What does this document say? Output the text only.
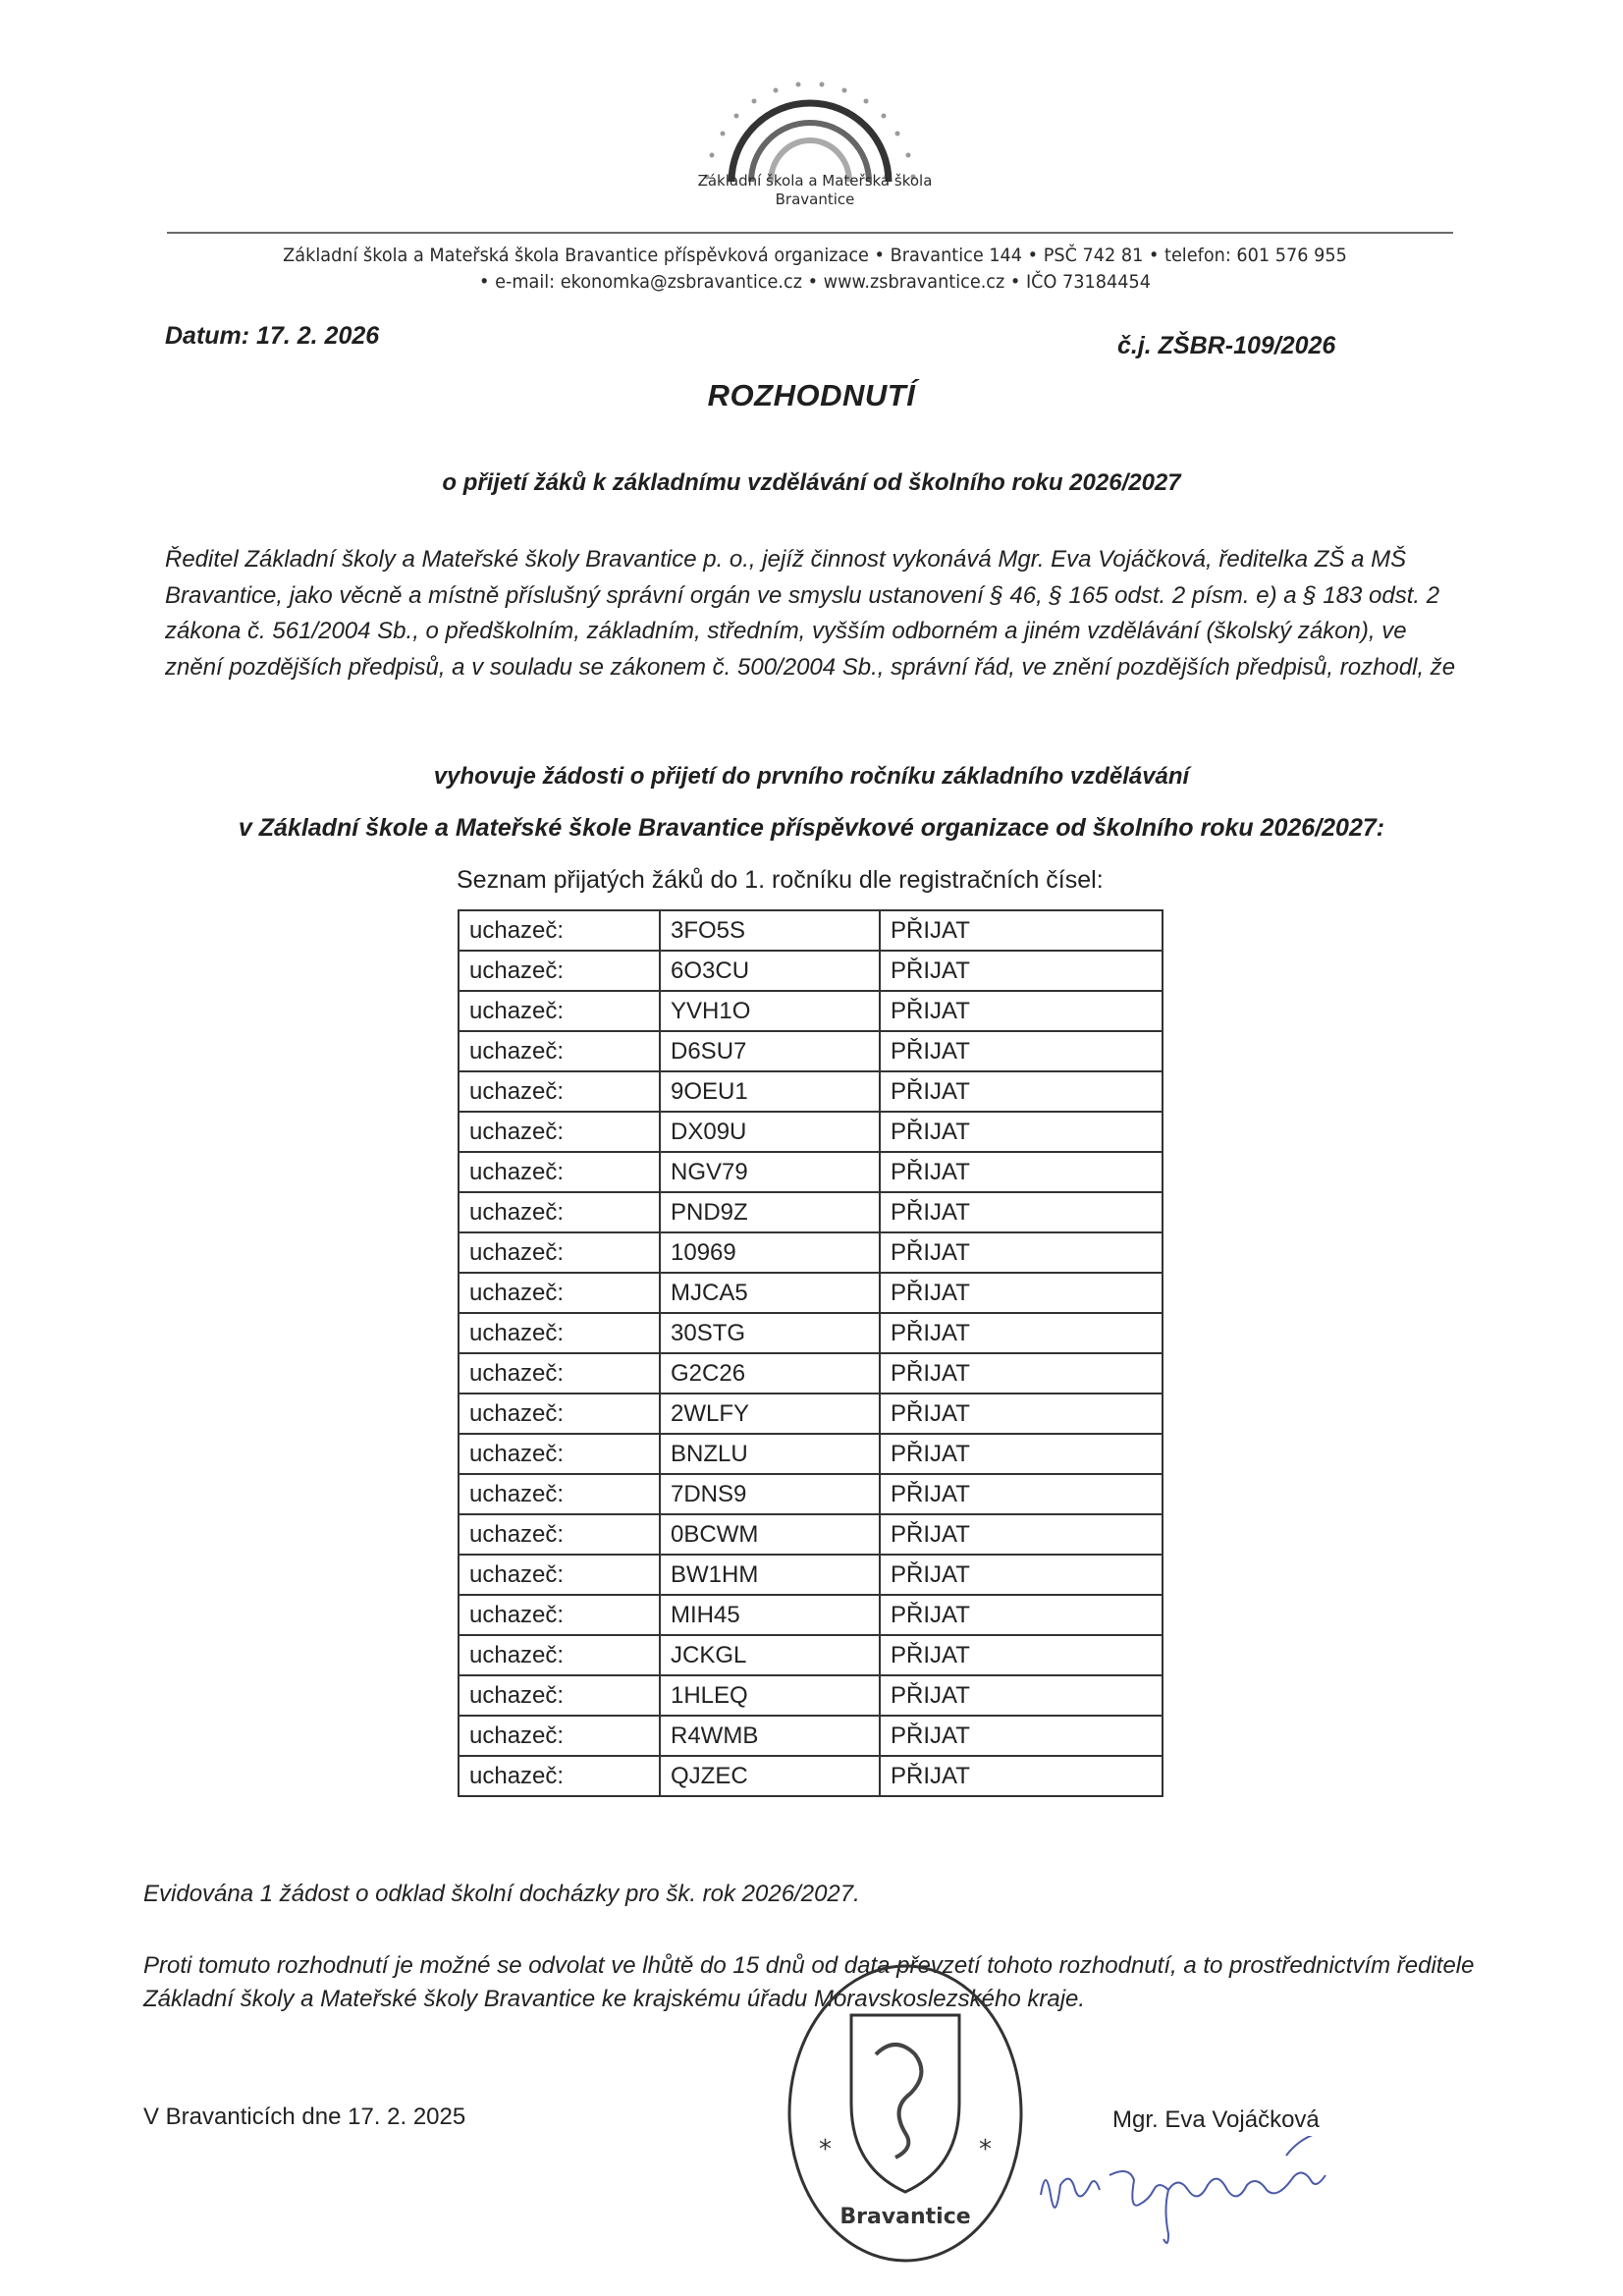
Základní škola a Mateřská škola
Bravantice
Základní škola a Mateřská škola Bravantice příspěvková organizace • Bravantice 144 • PSČ 742 81 • telefon: 601 576 955
• e-mail: ekonomka@zsbravantice.cz • www.zsbravantice.cz • IČO 73184454
Datum: 17. 2. 2026	č.j. ZŠBR-109/2026
ROZHODNUTÍ
o přijetí žáků k základnímu vzdělávání od školního roku 2026/2027
Ředitel Základní školy a Mateřské školy Bravantice p. o., jejíž činnost vykonává Mgr. Eva Vojáčková, ředitelka ZŠ a MŠ Bravantice, jako věcně a místně příslušný správní orgán ve smyslu ustanovení § 46, § 165 odst. 2 písm. e) a § 183 odst. 2 zákona č. 561/2004 Sb., o předškolním, základním, středním, vyšším odborném a jiném vzdělávání (školský zákon), ve znění pozdějších předpisů, a v souladu se zákonem č. 500/2004 Sb., správní řád, ve znění pozdějších předpisů, rozhodl, že
vyhovuje žádosti o přijetí do prvního ročníku základního vzdělávání
v Základní škole a Mateřské škole Bravantice příspěvkové organizace od školního roku 2026/2027:
Seznam přijatých žáků do 1. ročníku dle registračních čísel:
uchazeč:	3FO5S	PŘIJAT
uchazeč:	6O3CU	PŘIJAT
uchazeč:	YVH1O	PŘIJAT
uchazeč:	D6SU7	PŘIJAT
uchazeč:	9OEU1	PŘIJAT
uchazeč:	DX09U	PŘIJAT
uchazeč:	NGV79	PŘIJAT
uchazeč:	PND9Z	PŘIJAT
uchazeč:	10969	PŘIJAT
uchazeč:	MJCA5	PŘIJAT
uchazeč:	30STG	PŘIJAT
uchazeč:	G2C26	PŘIJAT
uchazeč:	2WLFY	PŘIJAT
uchazeč:	BNZLU	PŘIJAT
uchazeč:	7DNS9	PŘIJAT
uchazeč:	0BCWM	PŘIJAT
uchazeč:	BW1HM	PŘIJAT
uchazeč:	MIH45	PŘIJAT
uchazeč:	JCKGL	PŘIJAT
uchazeč:	1HLEQ	PŘIJAT
uchazeč:	R4WMB	PŘIJAT
uchazeč:	QJZEC	PŘIJAT
Evidována 1 žádost o odklad školní docházky pro šk. rok 2026/2027.
Proti tomuto rozhodnutí je možné se odvolat ve lhůtě do 15 dnů od data převzetí tohoto rozhodnutí, a to prostřednictvím ředitele Základní školy a Mateřské školy Bravantice ke krajskému úřadu Moravskoslezského kraje.
V Bravanticích dne 17. 2. 2025	Mgr. Eva Vojáčková
Bravantice
*	*
